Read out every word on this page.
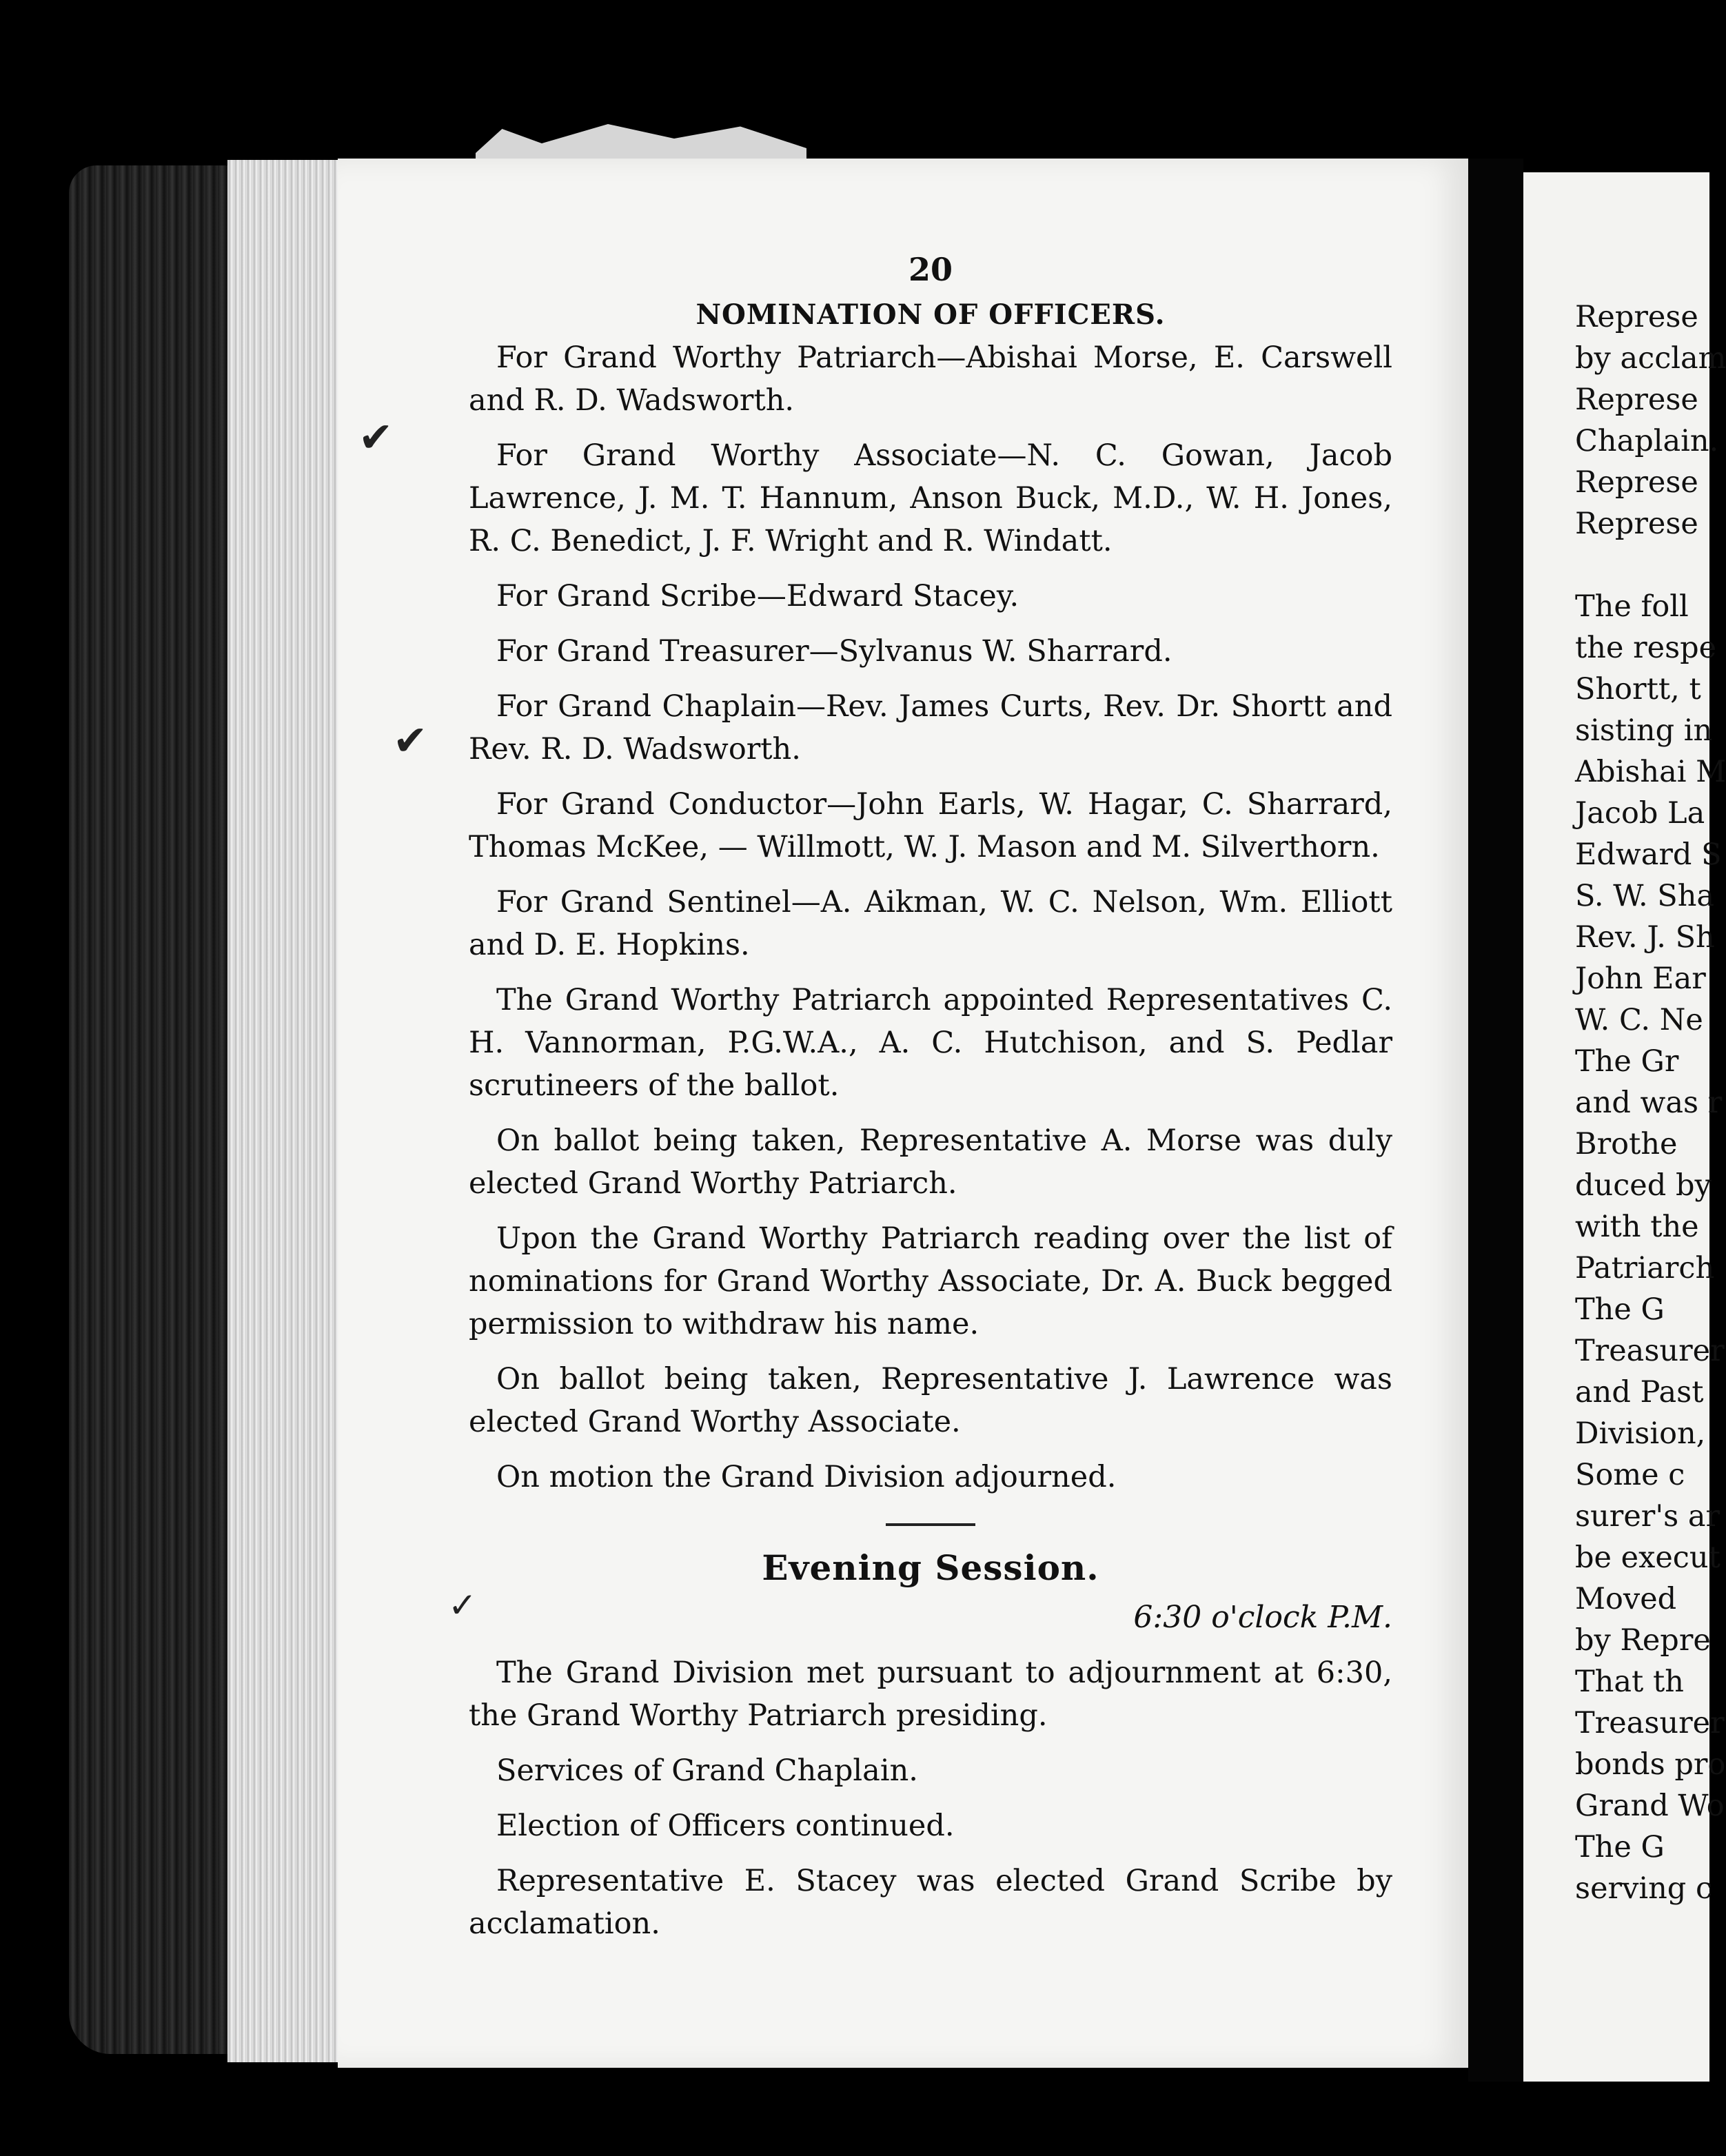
✔
✔
✓
20
NOMINATION OF OFFICERS.

For Grand Worthy Patriarch—Abishai Morse, E. Carswell and R. D. Wadsworth.

For Grand Worthy Associate—N. C. Gowan, Jacob Lawrence, J. M. T. Hannum, Anson Buck, M.D., W. H. Jones, R. C. Benedict, J. F. Wright and R. Windatt.

For Grand Scribe—Edward Stacey.

For Grand Treasurer—Sylvanus W. Sharrard.

For Grand Chaplain—Rev. James Curts, Rev. Dr. Shortt and Rev. R. D. Wadsworth.

For Grand Conductor—John Earls, W. Hagar, C. Sharrard, Thomas McKee, — Willmott, W. J. Mason and M. Silverthorn.

For Grand Sentinel—A. Aikman, W. C. Nelson, Wm. Elliott and D. E. Hopkins.

The Grand Worthy Patriarch appointed Representatives C. H. Vannorman, P.G.W.A., A. C. Hutchison, and S. Pedlar scrutineers of the ballot.

On ballot being taken, Representative A. Morse was duly elected Grand Worthy Patriarch.

Upon the Grand Worthy Patriarch reading over the list of nominations for Grand Worthy Associate, Dr. A. Buck begged permission to withdraw his name.

On ballot being taken, Representative J. Lawrence was elected Grand Worthy Associate.

On motion the Grand Division adjourned.

Evening Session.
6:30 o'clock P.M.

The Grand Division met pursuant to adjournment at 6:30, the Grand Worthy Patriarch presiding.

Services of Grand Chaplain.

Election of Officers continued.

Representative E. Stacey was elected Grand Scribe by acclamation.

Represe
by acclam
Represe
Chaplain.
Represe
Represe

The foll
the respe
Shortt, t
sisting in
Abishai M
Jacob La
Edward S
S. W. Sha
Rev. J. Sh
John Ear
W. C. Ne
The Gr
and was r
Brothe
duced by
with the
Patriarch
The G
Treasurer
and Past
Division,
Some c
surer's ar
be execut
Moved
by Repre
That th
Treasurer
bonds pro
Grand Wo
The G
serving c
